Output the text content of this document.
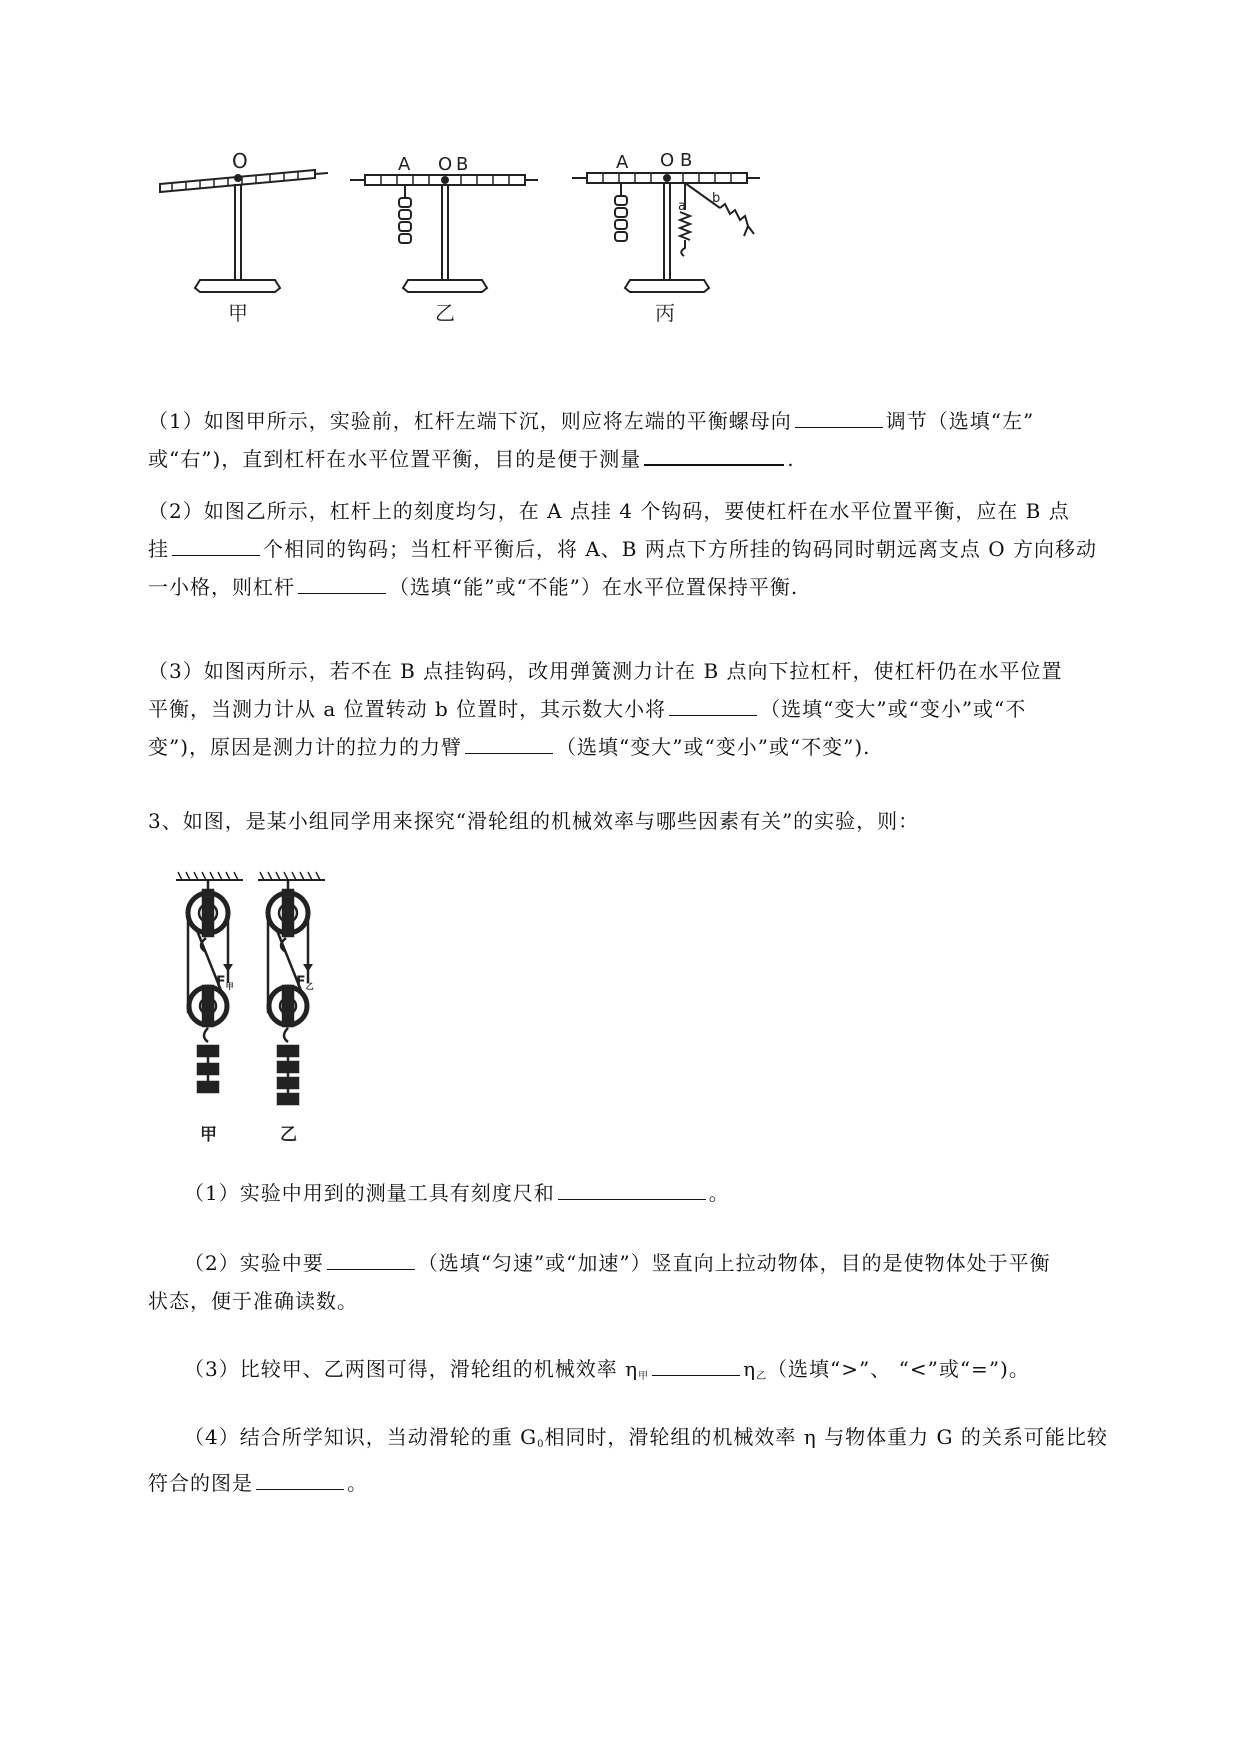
O
甲
A O B
乙
A O B
a
b
丙

（1）如图甲所示，实验前，杠杆左端下沉，则应将左端的平衡螺母向	调节（选填“左”
或“右”)，直到杠杆在水平位置平衡，目的是便于测量	.

（2）如图乙所示，杠杆上的刻度均匀，在 A 点挂 4 个钩码，要使杠杆在水平位置平衡，应在 B 点
挂	个相同的钩码；当杠杆平衡后，将 A、B 两点下方所挂的钩码同时朝远离支点 O 方向移动
一小格，则杠杆	（选填“能”或“不能”）在水平位置保持平衡.

（3）如图丙所示，若不在 B 点挂钩码，改用弹簧测力计在 B 点向下拉杠杆，使杠杆仍在水平位置
平衡，当测力计从 a 位置转动 b 位置时，其示数大小将	（选填“变大”或“变小”或“不
变”)，原因是测力计的拉力的力臂	（选填“变大”或“变小”或“不变”).

3、如图，是某小组同学用来探究“滑轮组的机械效率与哪些因素有关”的实验，则：

$F_甲$	$F_乙$
甲	乙

（1）实验中用到的测量工具有刻度尺和	。

（2）实验中要	（选填“匀速”或“加速”）竖直向上拉动物体，目的是使物体处于平衡
状态，便于准确读数。

（3）比较甲、乙两图可得，滑轮组的机械效率 $\eta_甲$	$\eta_乙$（选填“>”、 “<”或“=”)。

（4）结合所学知识，当动滑轮的重 $G_0$相同时，滑轮组的机械效率 η 与物体重力 G 的关系可能比较
符合的图是	。
